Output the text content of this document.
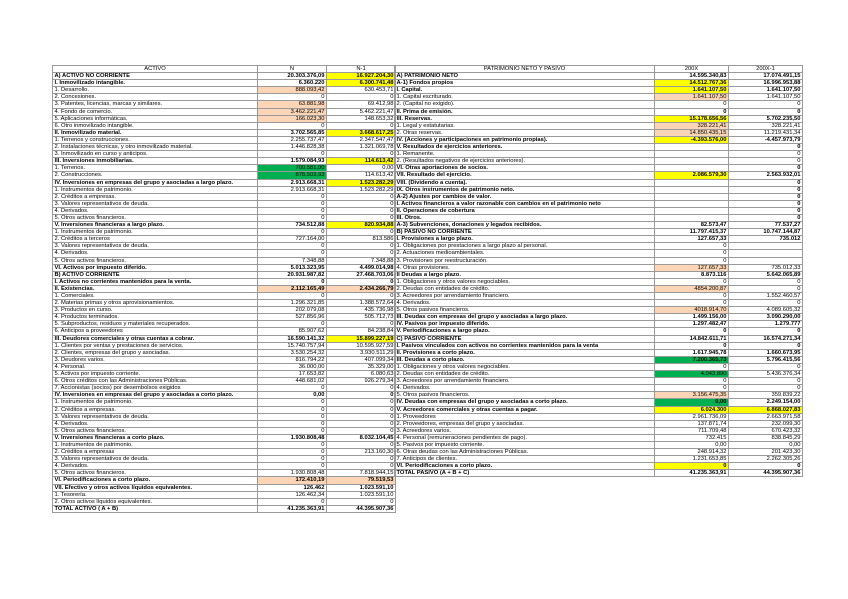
ACTIVO	N	N-1
A) ACTIVO NO CORRIENTE	20.303.376,09	16.927.204,30
I. Inmovilizado intangible.	6.360.220	6.300.741,48
1. Desarrollo.	888.093,42	630.453,71
2. Concesiones.	0	0
3. Patentes, licencias, marcas y similares.	63.881,98	69.412,98
4. Fondo de comercio.	3.462.221,47	5.462.221,47
5. Aplicaciones informáticas.	166.023,30	148.653,32
6. Otro inmovilizado intangible.	0	0
II. Inmovilizado material.	3.702.565,85	3.668.617,25
1. Terrenos y construcciones.	2.255.737,47	2.347.547,47
2. Instalaciones técnicas, y otro inmovilizado material.	1.446.828,38	1.321.069,78
3. Inmovilizado en curso y anticipos.	0	0
III. Inversiones inmobiliarias.	1.579.084,93	114.613,42
1. Terrenos.	700.581,00	0,00
2. Construcciones.	878.503,93	114.613,42
IV. Inversiones en empresas del grupo y asociadas a largo plazo.	2.913.668,31	1.523.282,29
1. Instrumentos de patrimonio.	2.913.668,31	1.523.282,29
2. Créditos a empresas.	0	0
3. Valores representativos de deuda.	0	0
4. Derivados.	0	0
5. Otros activos financieros.	0	0
V. Inversiones financieras a largo plazo.	734.512,88	820.934,88
1. Instrumentos de patrimonio.	0	0
2. Créditos a terceros	727.164,00	813.586
3. Valores representativos de deuda.	0	0
4. Derivados.	0	0
5. Otros activos financieros.	7.348,88	7.348,88
VI. Activos por impuesto diferido.	5.013.323,95	4.499.014,98
B) ACTIVO CORRIENTE	20.931.987,82	27.468.703,06
I. Activos no corrientes mantenidos para la venta.	0	0
II. Existencias.	2.112.165,49	2.434.266,79
1. Comerciales.	0	0
2. Materias primas y otros aprovisionamientos.	1.296.321,85	1.388.572,64
3. Productos en curso.	202.079,08	435.736,98
4. Productos terminados.	527.856,96	505.712,73
5. Subproductos, residuos y materiales recuperados.	0	0
6. Anticipos a proveedores	85.907,62	84.238,84
III. Deudores comerciales y otras cuentas a cobrar.	16.590.141,32	15.899.227,19
1. Clientes por ventas y prestaciones de servicios.	15.740.757,94	10.595.927,59
2. Clientes, empresas del grupo y asociadas.	3.530.254,32	3.930.511,29
3. Deudores varios.	816.794,22	407.099,34
4. Personal.	36.000,00	35.329,00
5. Activos por impuesto corriente.	17.653,82	6.080,63
6. Otros créditos con las Administraciones Públicas.	448.681,02	926.279,34
7. Accionistas (socios) por desembolsos exigidos	0	0
IV. Inversiones en empresas del grupo y asociadas a corto plazo.	0,00	0
1. Instrumentos de patrimonio.	0	0
2. Créditos a empresas.	0	0
3. Valores representativos de deuda.	0	0
4. Derivados.	0	0
5. Otros activos financieros.	0	0
V. Inversiones financieras a corto plazo.	1.930.808,48	8.032.104,45
1. Instrumentos de patrimonio.	0	0
2. Créditos a empresas	0	213.160,30
3. Valores representativos de deuda.	0	0
4. Derivados.	0	0
5. Otros activos financieros.	1.930.808,48	7.818.944,15
VI. Periodificaciones a corto plazo.	172.410,19	79.519,53
VII. Efectivo y otros activos líquidos equivalentes.	126.462	1.023.591,10
1. Tesorería.	126.462,34	1.023.591,10
2. Otros activos líquidos equivalentes.	0	0
TOTAL ACTIVO ( A + B)	41.235.363,91	44.395.907,36
PATRIMONIO NETO Y PASIVO	200X	200X-1
A) PATRIMONIO NETO	14.595.340,83	17.074.491,15
A-1) Fondos propios	14.512.767,36	16.996.953,88
I. Capital.	1.641.107,50	1.641.107,50
1. Capital escriturado.	1.641.107,50	1.641.107,50
2. (Capital no exigido).	0	0
II. Prima de emisión.	0	0
III. Reservas.	15.178.656,56	5.702.235,50
1. Legal y estatutarias.	328.221,41	328.221,41
2. Otras reservas.	14.850.435,15	11.219.431,34
IV. (Acciones y participaciones en patrimonio propias).	-4.393.576,00	-4.457.973,79
V. Resultados de ejercicios anteriores.		0
1. Remanente.		0
2. (Resultados negativos de ejercicios anteriores).		0
VI. Otras aportaciones de socios.		0
VII. Resultado del ejercicio.	2.086.579,30	2.563.932,01
VIII. (Dividendo a cuenta).		0
IX. Otros instrumentos de patrimonio neto.		0
A-2) Ajustes por cambios de valor.		0
I. Activos financieros a valor razonable con cambios en el patrimonio neto		0
II. Operaciones de cobertura		0
III. Otros.		0
A-3) Subvenciones, donaciones y legados recibidos.	82.573,47	77.537,27
B) PASIVO NO CORRIENTE	11.797.415,37	10.747.144,87
I. Provisiones a largo plazo.	127.657,33	735.012
1. Obligaciones por prestaciones a largo plazo al personal.	0	
2. Actuaciones medioambientales.	0	
3. Provisiones por reestructuración.	0	
4. Otras provisiones.	127.657,33	735.012,33
II Deudas a largo plazo.	8.873.116	5.642.065,89
1. Obligaciones y otros valores negociables.	0	0
2. Deudas con entidades de crédito.	4854.200,87	0
3. Acreedores por arrendamiento financiero.	0	1.552.460,57
4. Derivados.	0	0
5. Otros pasivos financieros.	4018.914,70	4.089.605,32
III. Deudas con empresas del grupo y asociadas a largo plazo.	1.499.156,00	3.090.290,00
IV. Pasivos por impuesto diferido.	1.297.482,47	1.279.777
V. Periodificaciones a largo plazo.	0	0
C) PASIVO CORRIENTE	14.842.611,71	16.574.271,34
I. Pasivos vinculados con activos no corrientes mantenidos para la venta	0	0
II. Provisiones a corto plazo.	1.617.945,78	1.660.673,95
III. Deudas a corto plazo.	7.200.365,73	5.796.415,56
1. Obligaciones y otros valores negociables.	0	0
2. Deudas con entidades de crédito.	4.043.890	5.436.376,34
3. Acreedores por arrendamiento financiero.	0	0
4. Derivados.	0	0
5. Otros pasivos financieros.	3.156.475,35	359.839,22
IV. Deudas con empresas del grupo y asociadas a corto plazo.	0,00	2.249.154,00
V. Acreedores comerciales y otras cuentas a pagar.	6.024.300	6.868.027,83
1. Proveedores	2.961.736,09	2.663.971,58
2. Proveedores, empresas del grupo y asociadas.	137.871,74	232.099,30
3. Acreedores varios.	711.709,48	670.423,32
4. Personal (remuneraciones pendientes de pago).	732.415	838.845,29
5. Pasivos por impuesto corriente.	0,00	0,00
6. Otras deudas con las Administraciones Públicas.	248.914,32	201.423,30
7. Anticipos de clientes.	1.231.653,85	2.262.305,26
VI. Periodificaciones a corto plazo.	0	0
TOTAL PASIVO (A + B + C)	41.235.363,91	44.395.907,36
